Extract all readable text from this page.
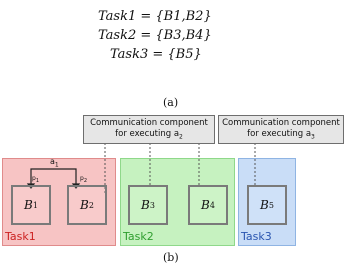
Task1 = {B1,B2}
Task2 = {B3,B4}
Task3 = {B5}
(a)
Task1	Task2	Task3
$a_1$
$p_1$	$p_2$
B 1	B 2	B 3	B 4	B 5
Communication component
for executing $a_2$
Communication component
for executing $a_3$
(b)
